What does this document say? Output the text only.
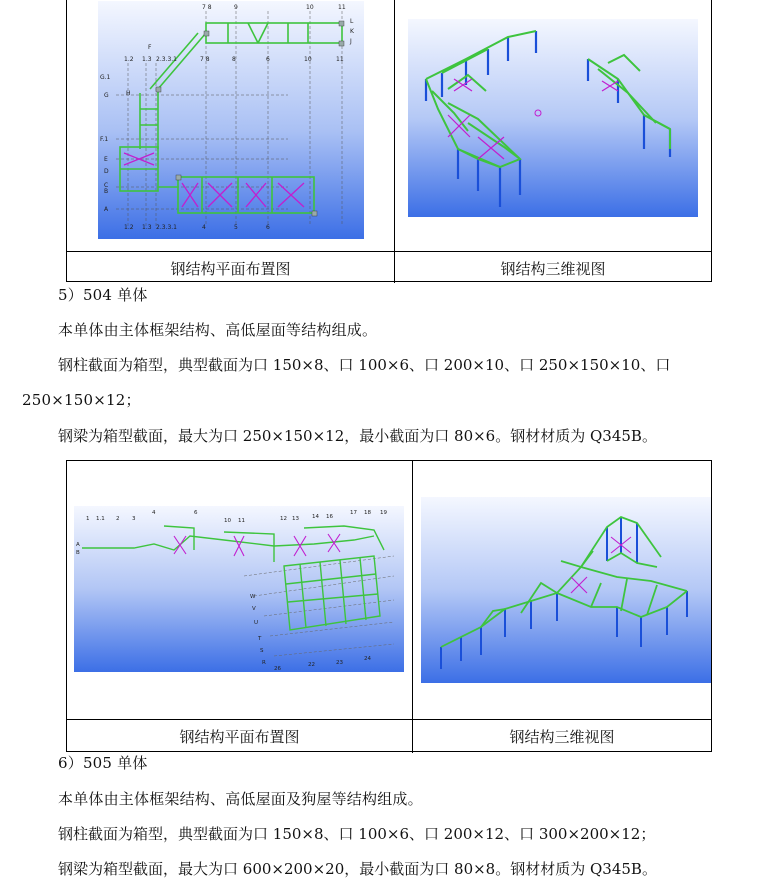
L
K
J
G.1
G
F.1
E
D
C
B
A
7 8	9	10	11
1.2 1.3 2.3.3.1	7 8	8	6	10	11
1.2 1.3 2.3.3.1	4	5	6
H
F
钢结构平面布置图	钢结构三维视图
5）504 单体
本单体由主体框架结构、高低屋面等结构组成。
钢柱截面为箱型，典型截面为口 150×8、口 100×6、口 200×10、口 250×150×10、口
250×150×12；
钢梁为箱型截面，最大为口 250×150×12，最小截面为口 80×6。钢材材质为 Q345B。
1 1.1 2 3
4	6
10 11	12 13 14 16
17 18 19
W
V
U
T
S
R	22	23
24
26
A
B
钢结构平面布置图	钢结构三维视图
6）505 单体
本单体由主体框架结构、高低屋面及狗屋等结构组成。
钢柱截面为箱型，典型截面为口 150×8、口 100×6、口 200×12、口 300×200×12；
钢梁为箱型截面，最大为口 600×200×20，最小截面为口 80×8。钢材材质为 Q345B。
